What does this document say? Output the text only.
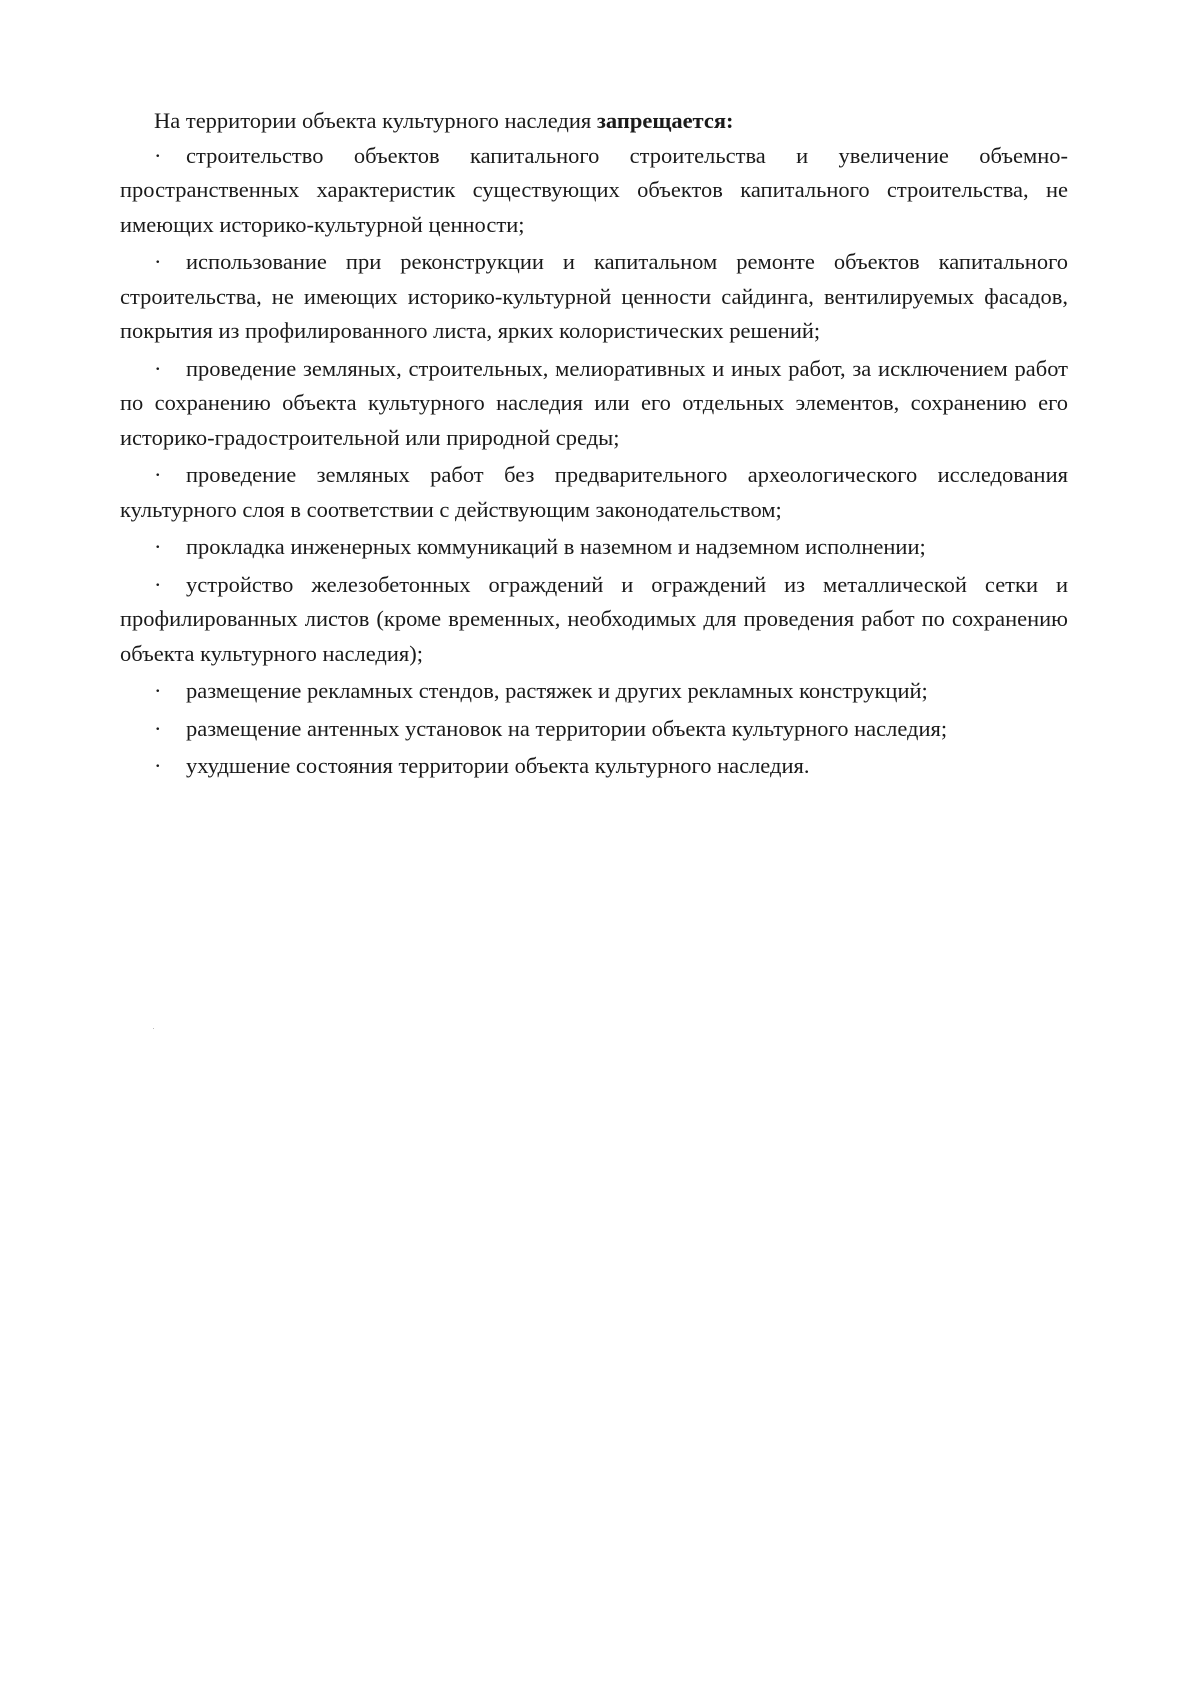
На территории объекта культурного наследия запрещается:

· строительство объектов капитального строительства и увеличение объемно-пространственных характеристик существующих объектов капитального строительства, не имеющих историко-культурной ценности;

· использование при реконструкции и капитальном ремонте объектов капитального строительства, не имеющих историко-культурной ценности сайдинга, вентилируемых фасадов, покрытия из профилированного листа, ярких колористических решений;

· проведение земляных, строительных, мелиоративных и иных работ, за исключением работ по сохранению объекта культурного наследия или его отдельных элементов, сохранению его историко-градостроительной или природной среды;

· проведение земляных работ без предварительного археологического исследования культурного слоя в соответствии с действующим законодательством;

· прокладка инженерных коммуникаций в наземном и надземном исполнении;

· устройство железобетонных ограждений и ограждений из металлической сетки и профилированных листов (кроме временных, необходимых для проведения работ по сохранению объекта культурного наследия);

· размещение рекламных стендов, растяжек и других рекламных конструкций;

· размещение антенных установок на территории объекта культурного наследия;

· ухудшение состояния территории объекта культурного наследия.
